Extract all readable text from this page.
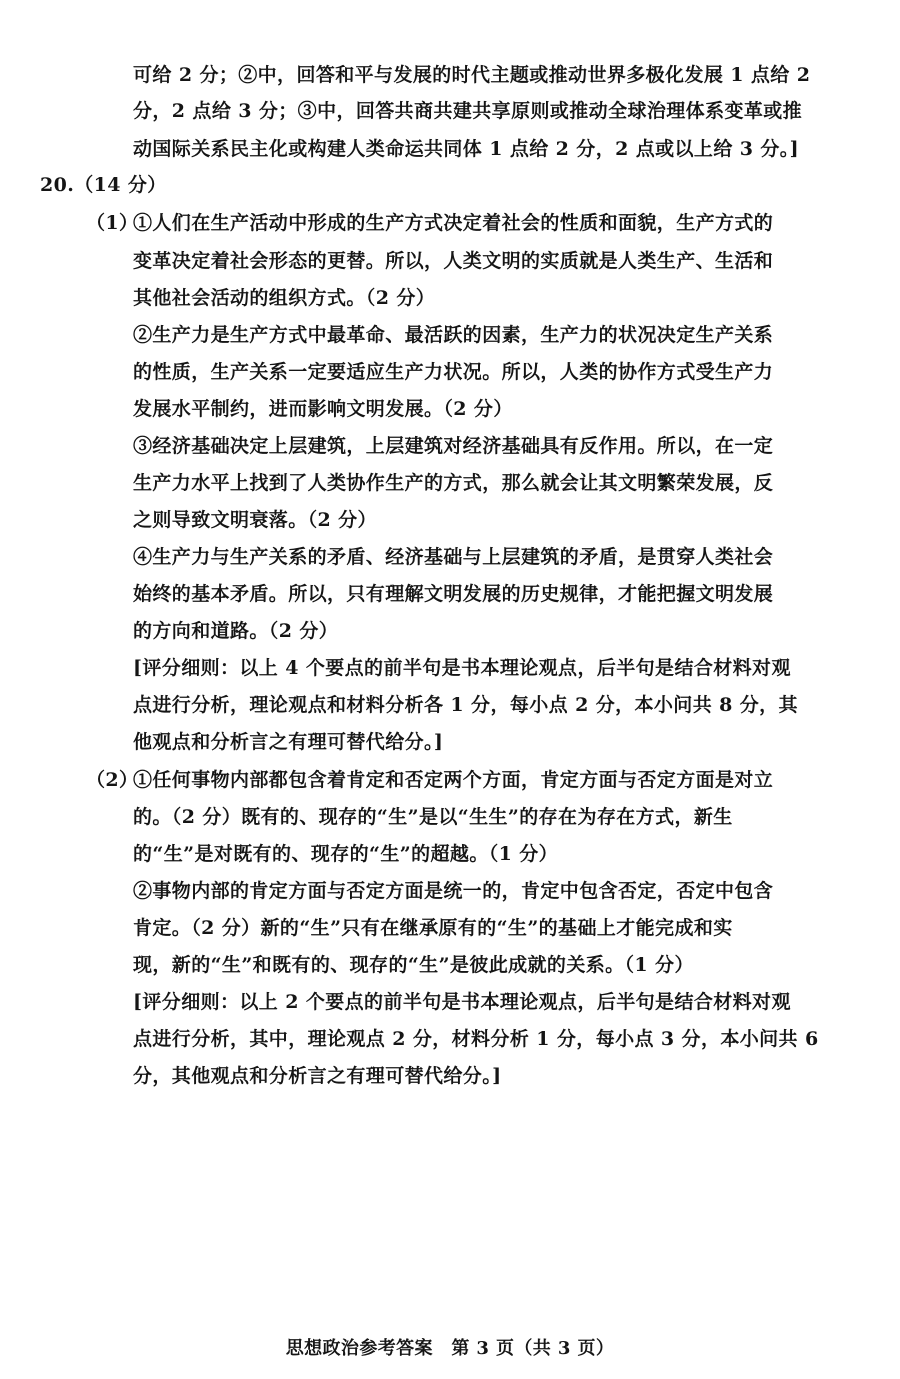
可给 2 分；②中，回答和平与发展的时代主题或推动世界多极化发展 1 点给 2
分，2 点给 3 分；③中，回答共商共建共享原则或推动全球治理体系变革或推
动国际关系民主化或构建人类命运共同体 1 点给 2 分，2 点或以上给 3 分。]
20.（14 分）
（1）
①人们在生产活动中形成的生产方式决定着社会的性质和面貌，生产方式的
变革决定着社会形态的更替。所以，人类文明的实质就是人类生产、生活和
其他社会活动的组织方式。（2 分）
②生产力是生产方式中最革命、最活跃的因素，生产力的状况决定生产关系
的性质，生产关系一定要适应生产力状况。所以，人类的协作方式受生产力
发展水平制约，进而影响文明发展。（2 分）
③经济基础决定上层建筑，上层建筑对经济基础具有反作用。所以，在一定
生产力水平上找到了人类协作生产的方式，那么就会让其文明繁荣发展，反
之则导致文明衰落。（2 分）
④生产力与生产关系的矛盾、经济基础与上层建筑的矛盾，是贯穿人类社会
始终的基本矛盾。所以，只有理解文明发展的历史规律，才能把握文明发展
的方向和道路。（2 分）
[评分细则：以上 4 个要点的前半句是书本理论观点，后半句是结合材料对观
点进行分析，理论观点和材料分析各 1 分，每小点 2 分，本小问共 8 分，其
他观点和分析言之有理可替代给分。]
（2）
①任何事物内部都包含着肯定和否定两个方面，肯定方面与否定方面是对立
的。（2 分）既有的、现存的“生”是以“生生”的存在为存在方式，新生
的“生”是对既有的、现存的“生”的超越。（1 分）
②事物内部的肯定方面与否定方面是统一的，肯定中包含否定，否定中包含
肯定。（2 分）新的“生”只有在继承原有的“生”的基础上才能完成和实
现，新的“生”和既有的、现存的“生”是彼此成就的关系。（1 分）
[评分细则：以上 2 个要点的前半句是书本理论观点，后半句是结合材料对观
点进行分析，其中，理论观点 2 分，材料分析 1 分，每小点 3 分，本小问共 6
分，其他观点和分析言之有理可替代给分。]
思想政治参考答案　第 3 页（共 3 页）
